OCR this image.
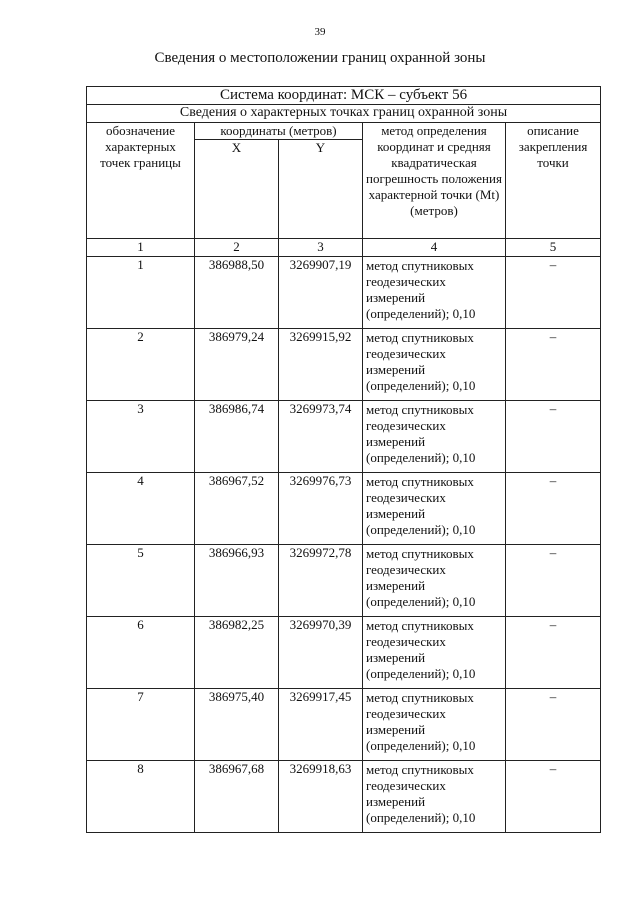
39
Сведения о местоположении границ охранной зоны
Система координат: МСК – субъект 56				
Сведения о характерных точках границ охранной зоны				
обозначение характерных точек границы	координаты (метров)		метод определения координат и средняя квадратическая погрешность положения характерной точки (Mt) (метров)	описание закрепления точки
	X	Y		
1	2	3	4	5
1	386988,50	3269907,19	метод спутниковых геодезических измерений (определений); 0,10	–
2	386979,24	3269915,92	метод спутниковых геодезических измерений (определений); 0,10	–
3	386986,74	3269973,74	метод спутниковых геодезических измерений (определений); 0,10	–
4	386967,52	3269976,73	метод спутниковых геодезических измерений (определений); 0,10	–
5	386966,93	3269972,78	метод спутниковых геодезических измерений (определений); 0,10	–
6	386982,25	3269970,39	метод спутниковых геодезических измерений (определений); 0,10	–
7	386975,40	3269917,45	метод спутниковых геодезических измерений (определений); 0,10	–
8	386967,68	3269918,63	метод спутниковых геодезических измерений (определений); 0,10	–
